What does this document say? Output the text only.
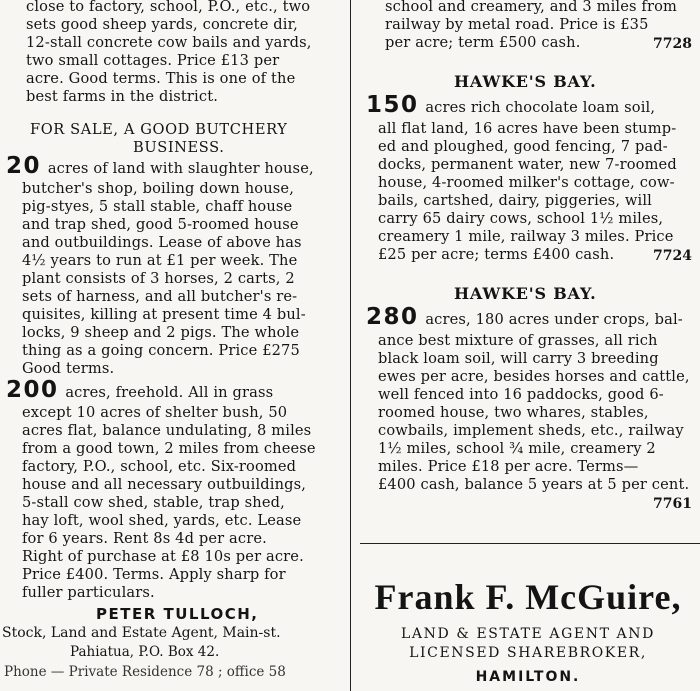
close to factory, school, P.O., etc., two
sets good sheep yards, concrete dir,
12-stall concrete cow bails and yards,
two small cottages. Price £13 per
acre. Good terms. This is one of the
best farms in the district.
FOR SALE, A GOOD BUTCHERY
BUSINESS.
20 acres of land with slaughter house,
butcher's shop, boiling down house,
pig-styes, 5 stall stable, chaff house
and trap shed, good 5-roomed house
and outbuildings. Lease of above has
4½ years to run at £1 per week. The
plant consists of 3 horses, 2 carts, 2
sets of harness, and all butcher's re-
quisites, killing at present time 4 bul-
locks, 9 sheep and 2 pigs. The whole
thing as a going concern. Price £275
Good terms.
200 acres, freehold. All in grass
except 10 acres of shelter bush, 50
acres flat, balance undulating, 8 miles
from a good town, 2 miles from cheese
factory, P.O., school, etc. Six-roomed
house and all necessary outbuildings,
5-stall cow shed, stable, trap shed,
hay loft, wool shed, yards, etc. Lease
for 6 years. Rent 8s 4d per acre.
Right of purchase at £8 10s per acre.
Price £400. Terms. Apply sharp for
fuller particulars.
PETER TULLOCH,
Stock, Land and Estate Agent, Main-st.
Pahiatua, P.O. Box 42.
Phone — Private Residence 78 ; office 58
school and creamery, and 3 miles from
railway by metal road. Price is £35
per acre; term £500 cash.	7728
HAWKE'S BAY.
150 acres rich chocolate loam soil,
all flat land, 16 acres have been stump-
ed and ploughed, good fencing, 7 pad-
docks, permanent water, new 7-roomed
house, 4-roomed milker's cottage, cow-
bails, cartshed, dairy, piggeries, will
carry 65 dairy cows, school 1½ miles,
creamery 1 mile, railway 3 miles. Price
£25 per acre; terms £400 cash.	7724
HAWKE'S BAY.
280 acres, 180 acres under crops, bal-
ance best mixture of grasses, all rich
black loam soil, will carry 3 breeding
ewes per acre, besides horses and cattle,
well fenced into 16 paddocks, good 6-
roomed house, two whares, stables,
cowbails, implement sheds, etc., railway
1½ miles, school ¾ mile, creamery 2
miles. Price £18 per acre. Terms—
£400 cash, balance 5 years at 5 per cent.
7761
Frank F. McGuire,
LAND & ESTATE AGENT AND
LICENSED SHAREBROKER,
HAMILTON.
